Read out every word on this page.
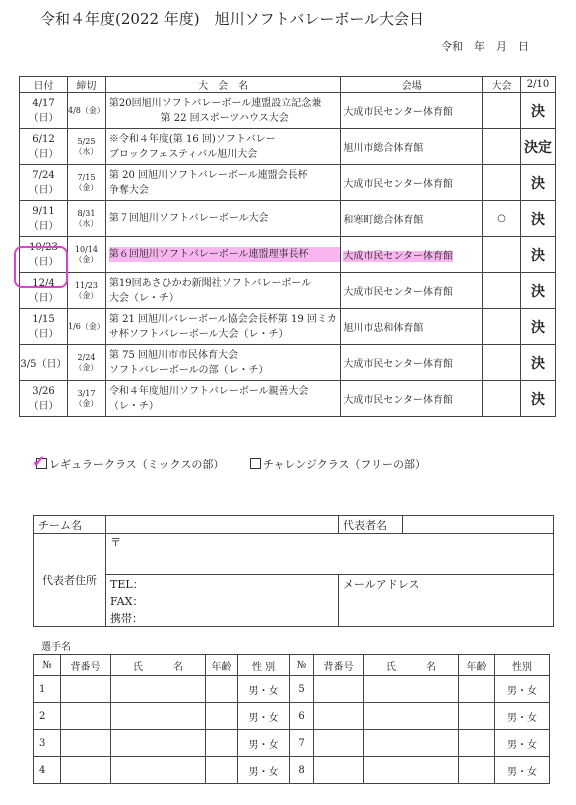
令和４年度(2022 年度)　旭川ソフトバレーボール大会日
令和　年　月　日
日付	締切	大　会　名	会場	大会	2/10
4/17（日）	4/8（金）	第20回旭川ソフトバレーボール連盟設立記念兼
第 22 回スポーツハウス大会	大成市民センター体育館		決
6/12（日）	5/25（水）	※令和４年度(第 16 回)ソフトバレー
ブロックフェスティバル旭川大会	旭川市総合体育館		決定
7/24（日）	7/15（金）	第 20 回旭川ソフトバレーボール連盟会長杯
争奪大会	大成市民センター体育館		決
9/11（日）	8/31（水）	第７回旭川ソフトバレーボール大会	和寒町総合体育館	○	決
10/23（日）	10/14（金）	第６回旭川ソフトバレーボール連盟理事長杯	大成市民センター体育館		決
12/4（日）	11/23（金）	第19回あさひかわ新聞社ソフトバレーボール
大会（レ・チ）	大成市民センター体育館		決
1/15（日）	1/6（金）	第 21 回旭川バレーボール協会会長杯第 19 回ミカ
サ杯ソフトバレーボール大会（レ・チ）	旭川市忠和体育館		決
3/5（日）	2/24（金）	第 75 回旭川市市民体育大会
ソフトバレーボールの部（レ・チ）	大成市民センター体育館		決
3/26（日）	3/17（金）	令和４年度旭川ソフトバレーボール親善大会
（レ・チ）	大成市民センター体育館		決
✓ レギュラークラス（ミックスの部）	チャレンジクラス（フリーの部）
チーム名		代表者名	
代表者住所	〒		
	TEL：	メールアドレス	
	FAX：		
	携帯：		
選手名
№	背番号	氏　　　名	年齢	性 別	№	背番号	氏　　　名	年齢	性別
1				男・女	5				男・女
2				男・女	6				男・女
3				男・女	7				男・女
4				男・女	8				男・女
